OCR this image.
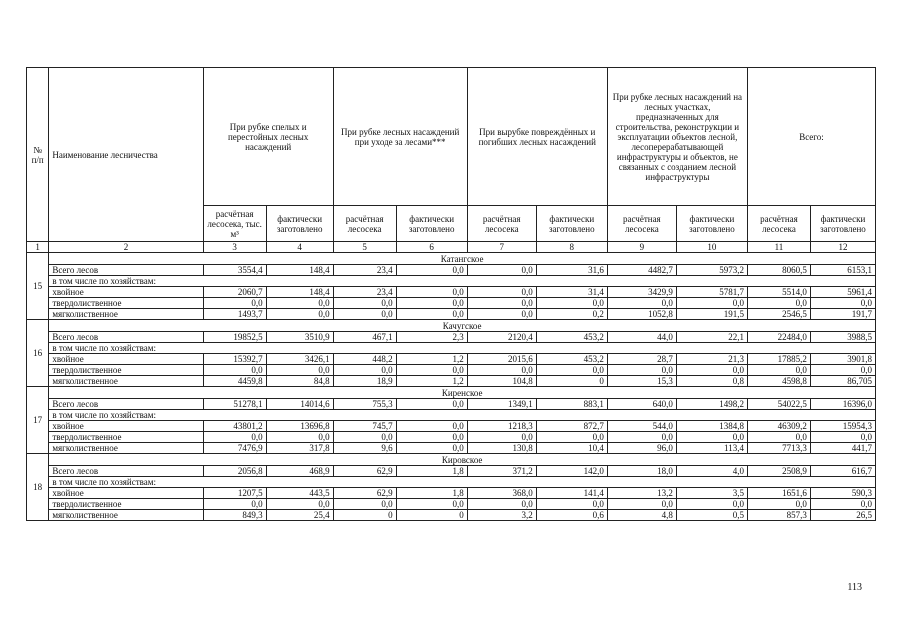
№ п/п	Наименование лесничества	При рубке спелых и перестойных лесных насаждений		При рубке лесных насаждений при уходе за лесами***		При вырубке повреждённых и погибших лесных насаждений		При рубке лесных насаждений на лесных участках, предназначенных для строительства, реконструкции и эксплуатации объектов лесной, лесоперерабатывающей инфраструктуры и объектов, не связанных с созданием лесной инфраструктуры		Всего:	
		расчётная лесосека, тыс. м³	фактически заготовлено	расчётная лесосека	фактически заготовлено	расчётная лесосека	фактически заготовлено	расчётная лесосека	фактически заготовлено	расчётная лесосека	фактически заготовлено
1	2	3	4	5	6	7	8	9	10	11	12
15	Катангское										
	Всего лесов	3554,4	148,4	23,4	0,0	0,0	31,6	4482,7	5973,2	8060,5	6153,1
	в том числе по хозяйствам:										
	хвойное	2060,7	148,4	23,4	0,0	0,0	31,4	3429,9	5781,7	5514,0	5961,4
	твердолиственное	0,0	0,0	0,0	0,0	0,0	0,0	0,0	0,0	0,0	0,0
	мягколиственное	1493,7	0,0	0,0	0,0	0,0	0,2	1052,8	191,5	2546,5	191,7
16	Качугское										
	Всего лесов	19852,5	3510,9	467,1	2,3	2120,4	453,2	44,0	22,1	22484,0	3988,5
	в том числе по хозяйствам:										
	хвойное	15392,7	3426,1	448,2	1,2	2015,6	453,2	28,7	21,3	17885,2	3901,8
	твердолиственное	0,0	0,0	0,0	0,0	0,0	0,0	0,0	0,0	0,0	0,0
	мягколиственное	4459,8	84,8	18,9	1,2	104,8	0	15,3	0,8	4598,8	86,705
17	Киренское										
	Всего лесов	51278,1	14014,6	755,3	0,0	1349,1	883,1	640,0	1498,2	54022,5	16396,0
	в том числе по хозяйствам:										
	хвойное	43801,2	13696,8	745,7	0,0	1218,3	872,7	544,0	1384,8	46309,2	15954,3
	твердолиственное	0,0	0,0	0,0	0,0	0,0	0,0	0,0	0,0	0,0	0,0
	мягколиственное	7476,9	317,8	9,6	0,0	130,8	10,4	96,0	113,4	7713,3	441,7
18	Кировское										
	Всего лесов	2056,8	468,9	62,9	1,8	371,2	142,0	18,0	4,0	2508,9	616,7
	в том числе по хозяйствам:										
	хвойное	1207,5	443,5	62,9	1,8	368,0	141,4	13,2	3,5	1651,6	590,3
	твердолиственное	0,0	0,0	0,0	0,0	0,0	0,0	0,0	0,0	0,0	0,0
	мягколиственное	849,3	25,4	0	0	3,2	0,6	4,8	0,5	857,3	26,5
113
